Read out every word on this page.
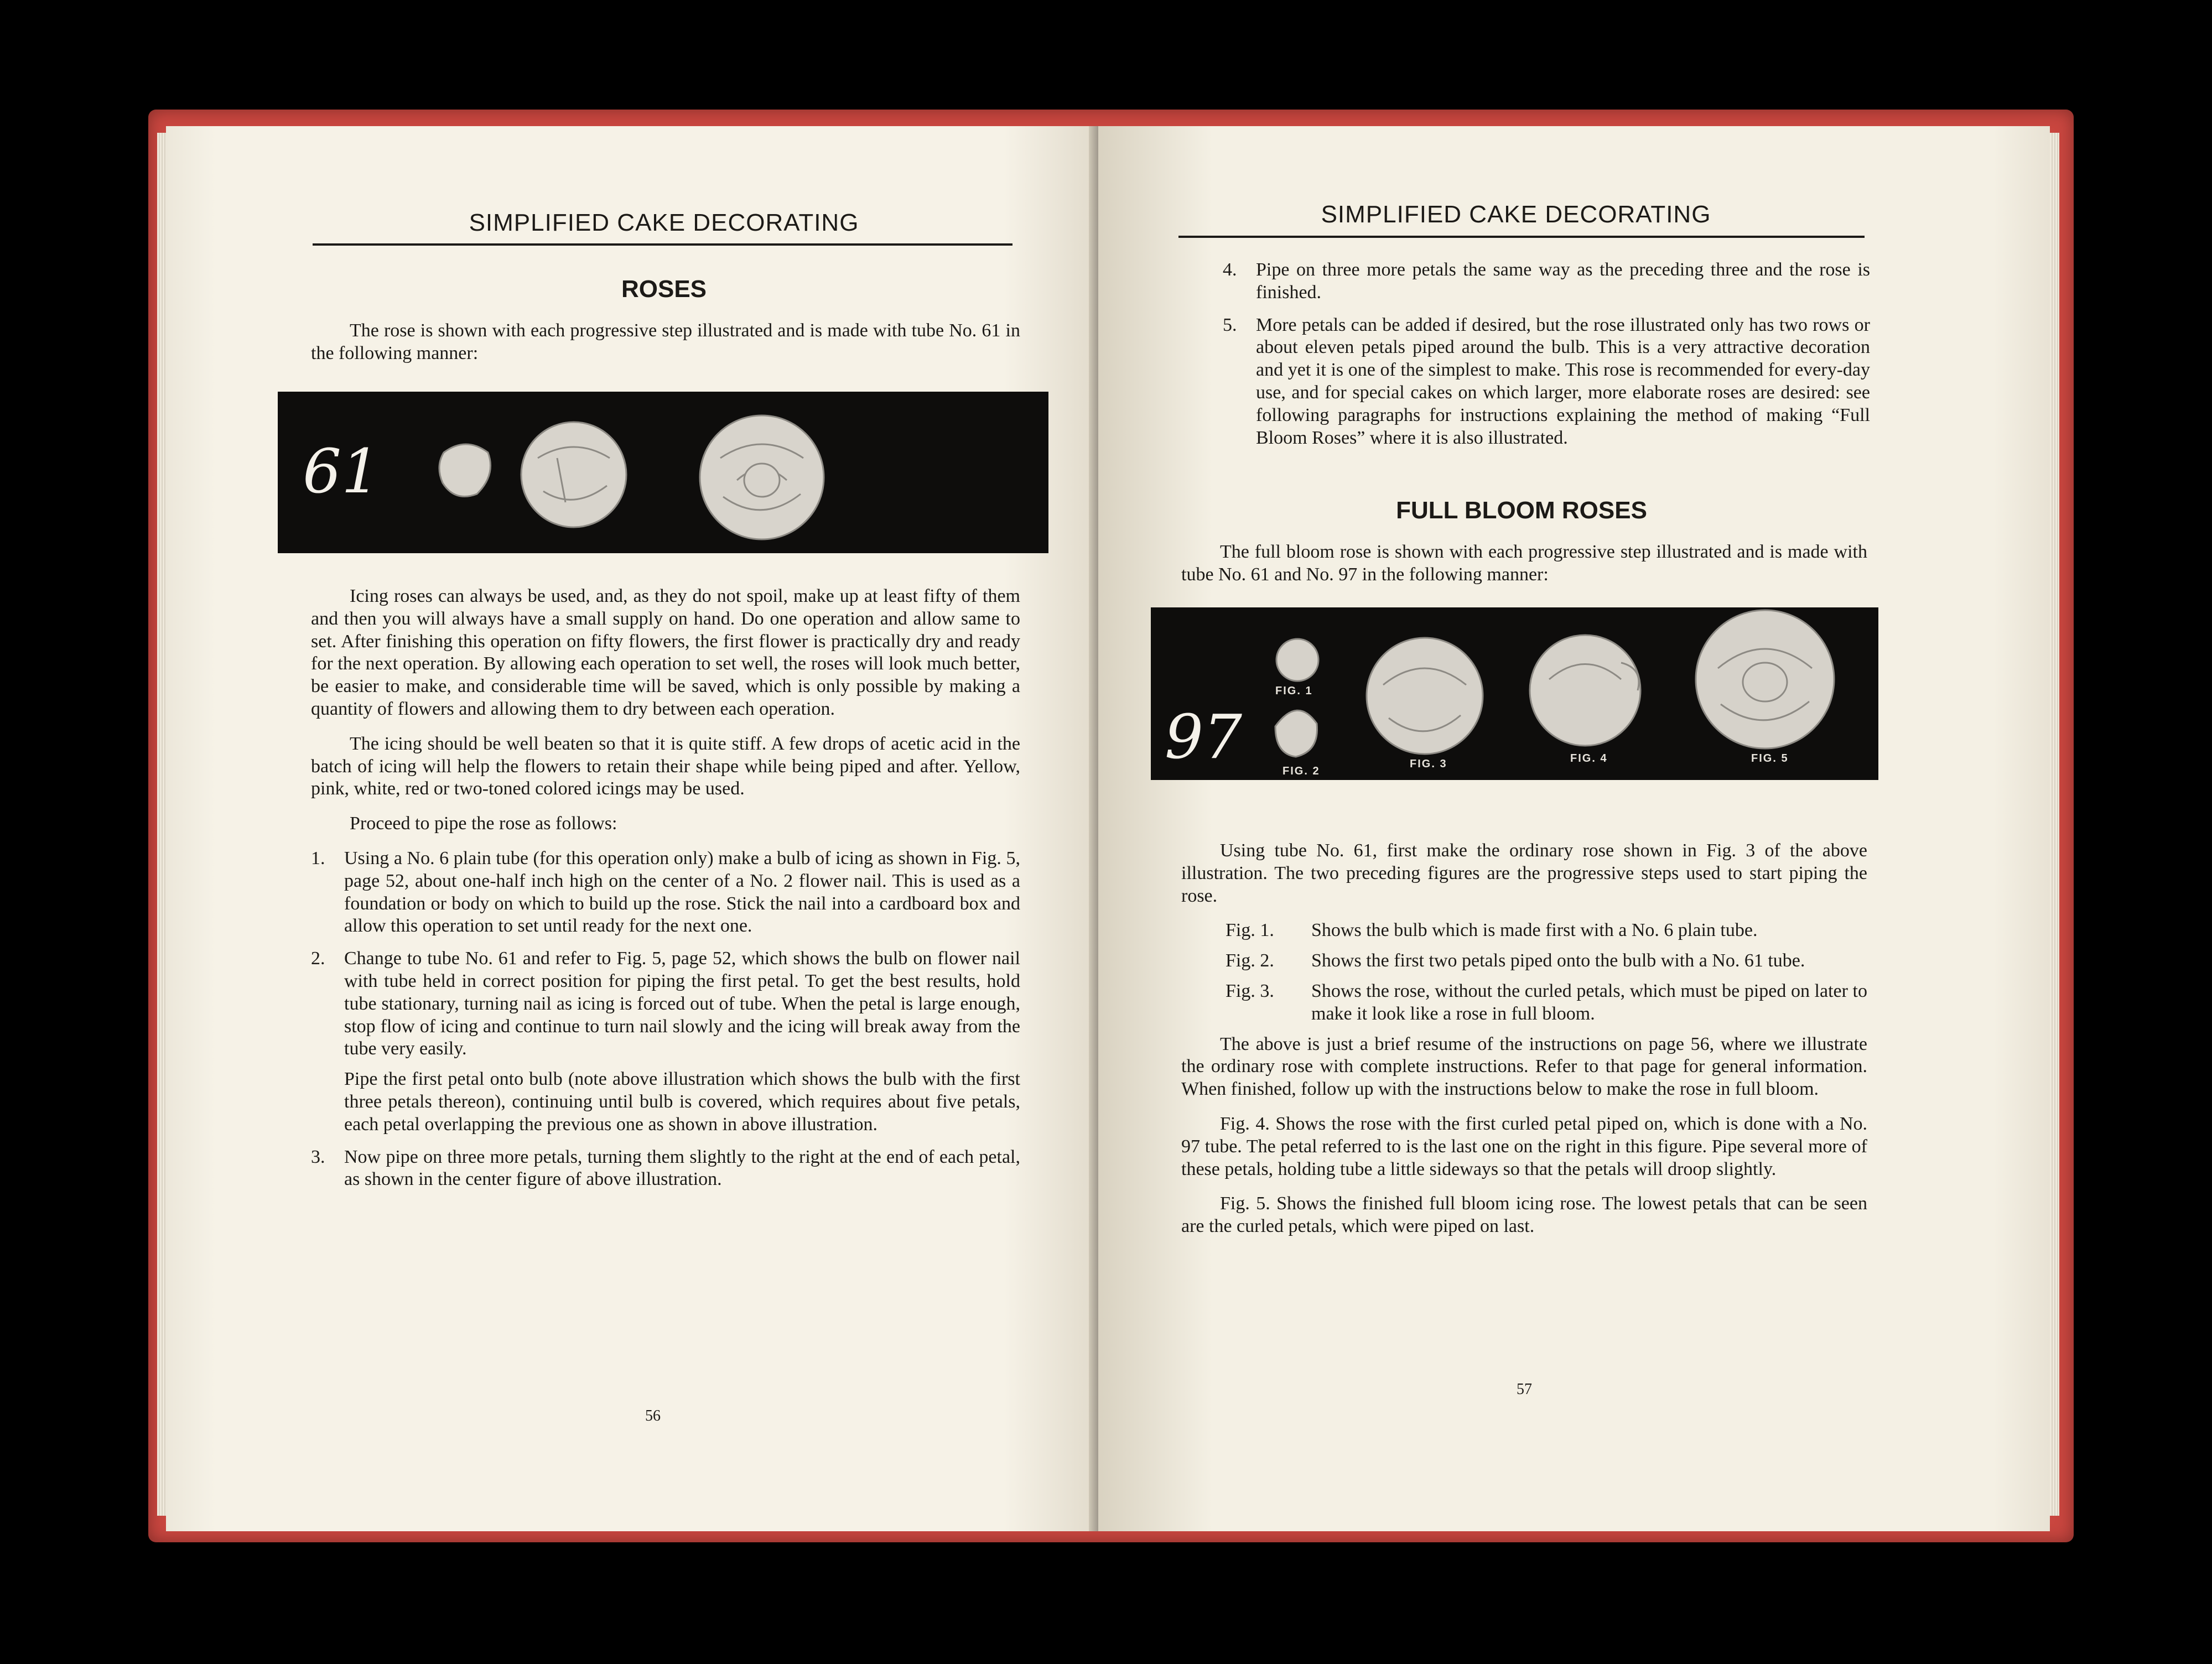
SIMPLIFIED CAKE DECORATING
ROSES

The rose is shown with each progressive step illustrated and is made with tube No. 61 in the following manner:

61

Icing roses can always be used, and, as they do not spoil, make up at least fifty of them and then you will always have a small supply on hand. Do one operation and allow same to set. After finishing this operation on fifty flowers, the first flower is practically dry and ready for the next operation. By allowing each operation to set well, the roses will look much better, be easier to make, and considerable time will be saved, which is only possible by making a quantity of flowers and allowing them to dry between each operation.

The icing should be well beaten so that it is quite stiff. A few drops of acetic acid in the batch of icing will help the flowers to retain their shape while being piped and after. Yellow, pink, white, red or two-toned colored icings may be used.

Proceed to pipe the rose as follows:

1.	Using a No. 6 plain tube (for this operation only) make a bulb of icing as shown in Fig. 5, page 52, about one-half inch high on the center of a No. 2 flower nail. This is used as a foundation or body on which to build up the rose. Stick the nail into a cardboard box and allow this operation to set until ready for the next one.
2.	Change to tube No. 61 and refer to Fig. 5, page 52, which shows the bulb on flower nail with tube held in correct position for piping the first petal. To get the best results, hold tube stationary, turning nail as icing is forced out of tube. When the petal is large enough, stop flow of icing and continue to turn nail slowly and the icing will break away from the tube very easily.
Pipe the first petal onto bulb (note above illustration which shows the bulb with the first three petals thereon), continuing until bulb is covered, which requires about five petals, each petal overlapping the previous one as shown in above illustration.
3.	Now pipe on three more petals, turning them slightly to the right at the end of each petal, as shown in the center figure of above illustration.
56
SIMPLIFIED CAKE DECORATING
4.	Pipe on three more petals the same way as the preceding three and the rose is finished.
5.	More petals can be added if desired, but the rose illustrated only has two rows or about eleven petals piped around the bulb. This is a very attractive decoration and yet it is one of the simplest to make. This rose is recommended for every-day use, and for special cakes on which larger, more elaborate roses are desired: see following paragraphs for instructions explaining the method of making “Full Bloom Roses” where it is also illustrated.
FULL BLOOM ROSES

The full bloom rose is shown with each progressive step illustrated and is made with tube No. 61 and No. 97 in the following manner:

FIG. 1
FIG. 2
FIG. 3	FIG. 4	FIG. 5
97

Using tube No. 61, first make the ordinary rose shown in Fig. 3 of the above illustration. The two preceding figures are the progressive steps used to start piping the rose.

Fig. 1.	Shows the bulb which is made first with a No. 6 plain tube.
Fig. 2.	Shows the first two petals piped onto the bulb with a No. 61 tube.
Fig. 3.	Shows the rose, without the curled petals, which must be piped on later to make it look like a rose in full bloom.

The above is just a brief resume of the instructions on page 56, where we illustrate the ordinary rose with complete instructions. Refer to that page for general information. When finished, follow up with the instructions below to make the rose in full bloom.

Fig. 4. Shows the rose with the first curled petal piped on, which is done with a No. 97 tube. The petal referred to is the last one on the right in this figure. Pipe several more of these petals, holding tube a little sideways so that the petals will droop slightly.

Fig. 5. Shows the finished full bloom icing rose. The lowest petals that can be seen are the curled petals, which were piped on last.

57
